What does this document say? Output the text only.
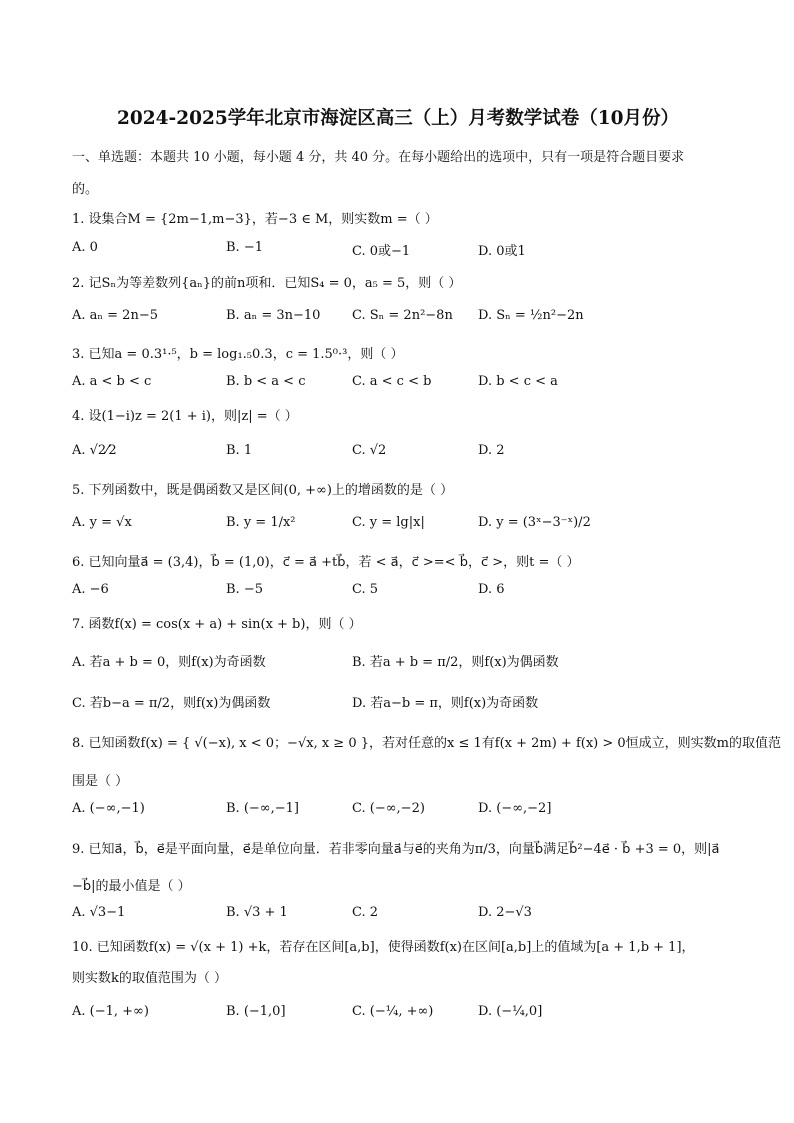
2024-2025学年北京市海淀区高三（上）月考数学试卷（10月份）
一、单选题：本题共 10 小题，每小题 4 分，共 40 分。在每小题给出的选项中，只有一项是符合题目要求
的。
1. 设集合M = {2m−1,m−3}，若−3 ∈ M，则实数m =（ ）
A. 0	B. −1	C. 0或−1	D. 0或1
2. 记Sₙ为等差数列{aₙ}的前n项和．已知S₄ = 0，a₅ = 5，则（ ）
A. aₙ = 2n−5	B. aₙ = 3n−10 C. Sₙ = 2n²−8n D. Sₙ = ½n²−2n
3. 已知a = 0.3¹·⁵，b = log₁.₅0.3，c = 1.5⁰·³，则（ ）
A. a < b < c	B. b < a < c	C. a < c < b	D. b < c < a
4. 设(1−i)z = 2(1 + i)，则|z| =（ ）
A. √2⁄2	B. 1	C. √2	D. 2
5. 下列函数中，既是偶函数又是区间(0, +∞)上的增函数的是（ ）
A. y = √x	B. y = 1/x²	C. y = lg|x|	D. y = (3ˣ−3⁻ˣ)/2
6. 已知向量a⃗ = (3,4)，b⃗ = (1,0)，c⃗ = a⃗ +tb⃗，若 < a⃗，c⃗ >=< b⃗，c⃗ >，则t =（ ）
A. −6	B. −5	C. 5	D. 6
7. 函数f(x) = cos(x + a) + sin(x + b)，则（ ）
A. 若a + b = 0，则f(x)为奇函数	B. 若a + b = π/2，则f(x)为偶函数
C. 若b−a = π/2，则f(x)为偶函数	D. 若a−b = π，则f(x)为奇函数
8. 已知函数f(x) = { √(−x), x < 0；−√x, x ≥ 0 }，若对任意的x ≤ 1有f(x + 2m) + f(x) > 0恒成立，则实数m的取值范
围是（ ）
A. (−∞,−1)	B. (−∞,−1]	C. (−∞,−2)	D. (−∞,−2]
9. 已知a⃗，b⃗，e⃗是平面向量，e⃗是单位向量．若非零向量a⃗与e⃗的夹角为π/3，向量b⃗满足b⃗²−4e⃗ · b⃗ +3 = 0，则|a⃗
−b⃗|的最小值是（ ）
A. √3−1	B. √3 + 1	C. 2	D. 2−√3
10. 已知函数f(x) = √(x + 1) +k，若存在区间[a,b]，使得函数f(x)在区间[a,b]上的值域为[a + 1,b + 1]，
则实数k的取值范围为（ ）
A. (−1, +∞)	B. (−1,0]	C. (−¼, +∞)	D. (−¼,0]
